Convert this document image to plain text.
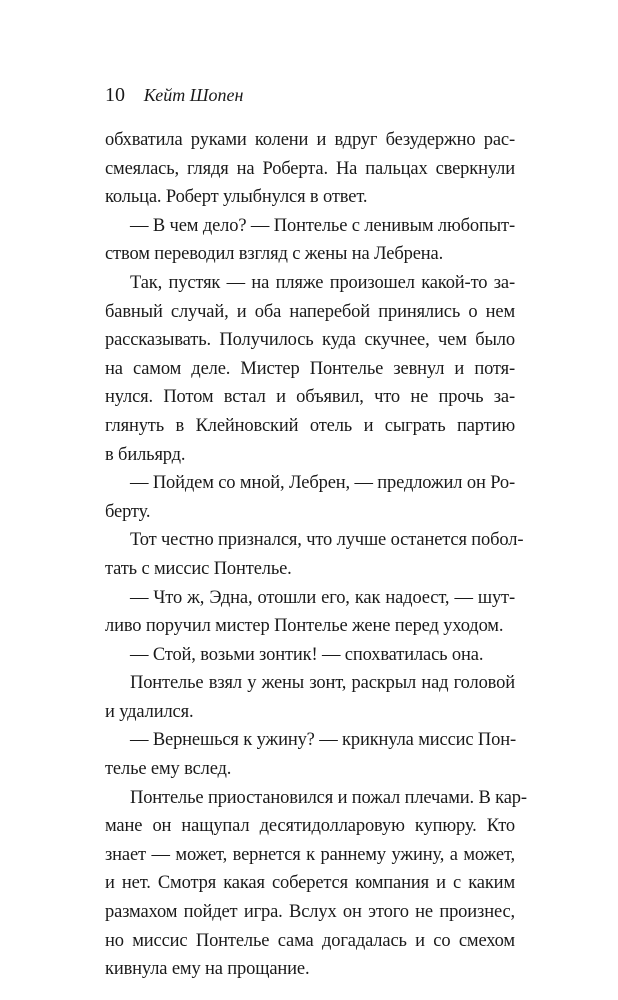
10 Кейт Шопен
обхватила руками колени и вдруг безудержно рас-
смеялась, глядя на Роберта. На пальцах сверкнули
кольца. Роберт улыбнулся в ответ.
— В чем дело? — Понтелье с ленивым любопыт-
ством переводил взгляд с жены на Лебрена.
Так, пустяк — на пляже произошел какой-то за-
бавный случай, и оба наперебой принялись о нем
рассказывать. Получилось куда скучнее, чем было
на самом деле. Мистер Понтелье зевнул и потя-
нулся. Потом встал и объявил, что не прочь за-
глянуть в Клейновский отель и сыграть партию
в бильярд.
— Пойдем со мной, Лебрен, — предложил он Ро-
берту.
Тот честно признался, что лучше останется побол-
тать с миссис Понтелье.
— Что ж, Эдна, отошли его, как надоест, — шут-
ливо поручил мистер Понтелье жене перед уходом.
— Стой, возьми зонтик! — спохватилась она.
Понтелье взял у жены зонт, раскрыл над головой
и удалился.
— Вернешься к ужину? — крикнула миссис Пон-
телье ему вслед.
Понтелье приостановился и пожал плечами. В кар-
мане он нащупал десятидолларовую купюру. Кто
знает — может, вернется к раннему ужину, а может,
и нет. Смотря какая соберется компания и с каким
размахом пойдет игра. Вслух он этого не произнес,
но миссис Понтелье сама догадалась и со смехом
кивнула ему на прощание.
